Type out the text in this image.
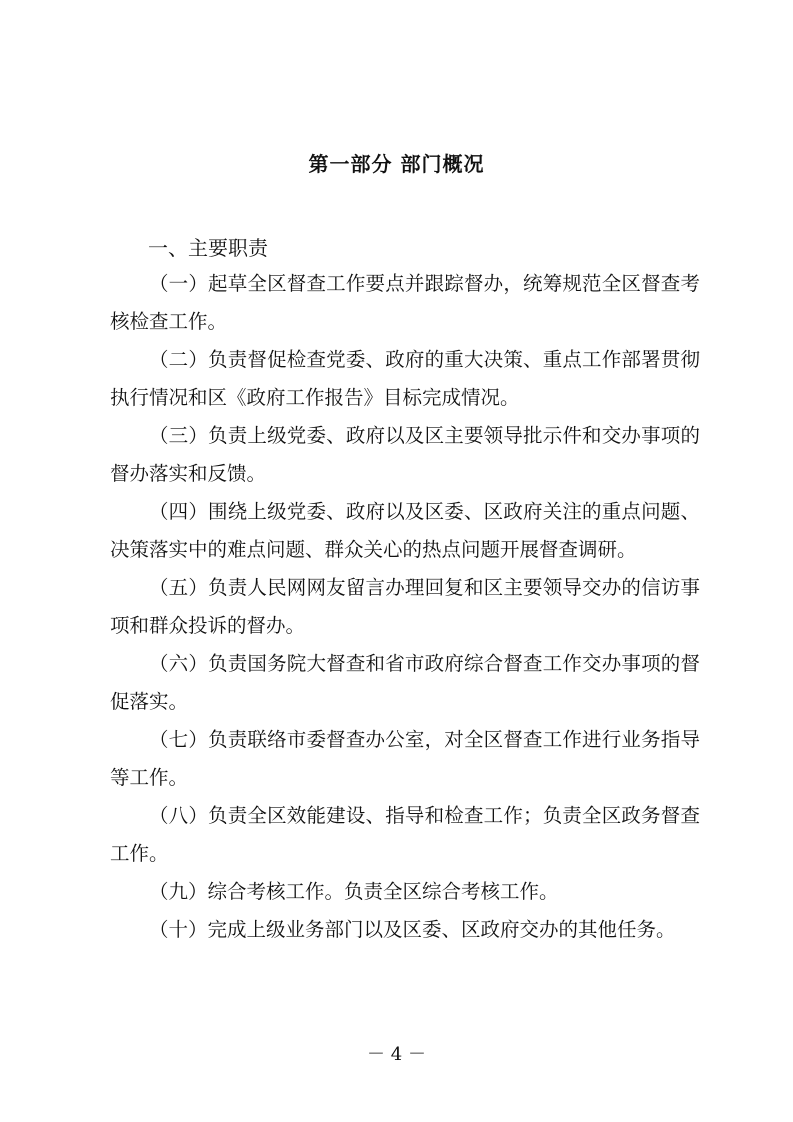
第一部分 部门概况
一、主要职责

（一）起草全区督查工作要点并跟踪督办，统筹规范全区督查考核检查工作。

（二）负责督促检查党委、政府的重大决策、重点工作部署贯彻执行情况和区《政府工作报告》目标完成情况。

（三）负责上级党委、政府以及区主要领导批示件和交办事项的督办落实和反馈。

（四）围绕上级党委、政府以及区委、区政府关注的重点问题、决策落实中的难点问题、群众关心的热点问题开展督查调研。

（五）负责人民网网友留言办理回复和区主要领导交办的信访事项和群众投诉的督办。

（六）负责国务院大督查和省市政府综合督查工作交办事项的督促落实。

（七）负责联络市委督查办公室，对全区督查工作进行业务指导等工作。

（八）负责全区效能建设、指导和检查工作；负责全区政务督查工作。

（九）综合考核工作。负责全区综合考核工作。

（十）完成上级业务部门以及区委、区政府交办的其他任务。

－ 4 －
